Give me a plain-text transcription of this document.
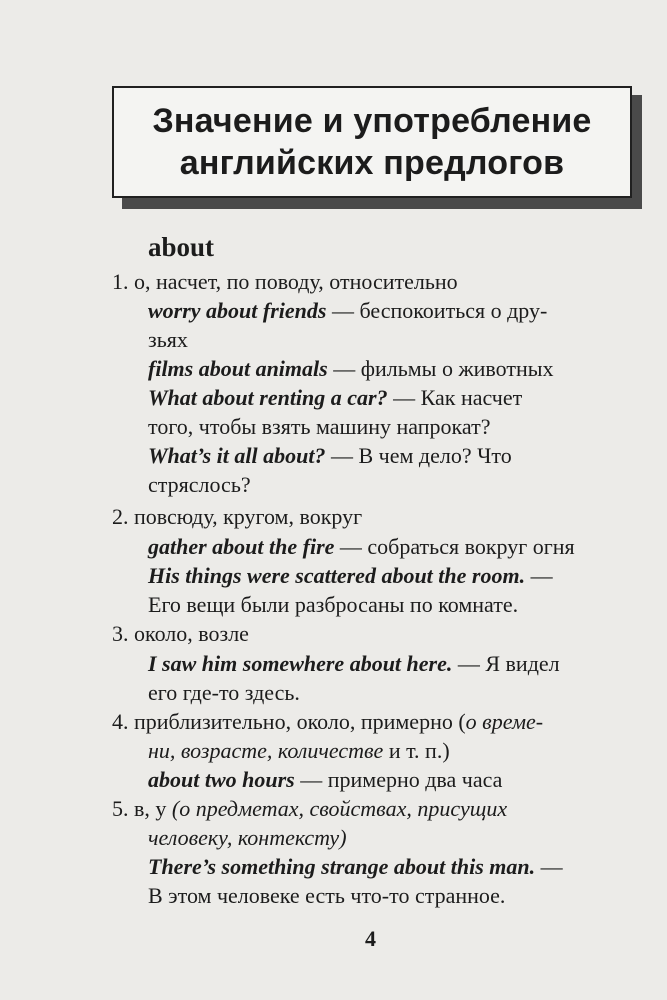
Значение и употребление
английских предлогов
about
1. о, насчет, по поводу, относительно
worry about friends — беспокоиться о дру-
зьях
films about animals — фильмы о животных
What about renting a car? — Как насчет
того, чтобы взять машину напрокат?
What’s it all about? — В чем дело? Что
стряслось?
2. повсюду, кругом, вокруг
gather about the fire — собраться вокруг огня
His things were scattered about the room. —
Его вещи были разбросаны по комнате.
3. около, возле
I saw him somewhere about here. — Я видел
его где-то здесь.
4. приблизительно, около, примерно (о време-
ни, возрасте, количестве и т. п.)
about two hours — примерно два часа
5. в, у (о предметах, свойствах, присущих
человеку, контексту)
There’s something strange about this man. —
В этом человеке есть что-то странное.
4
